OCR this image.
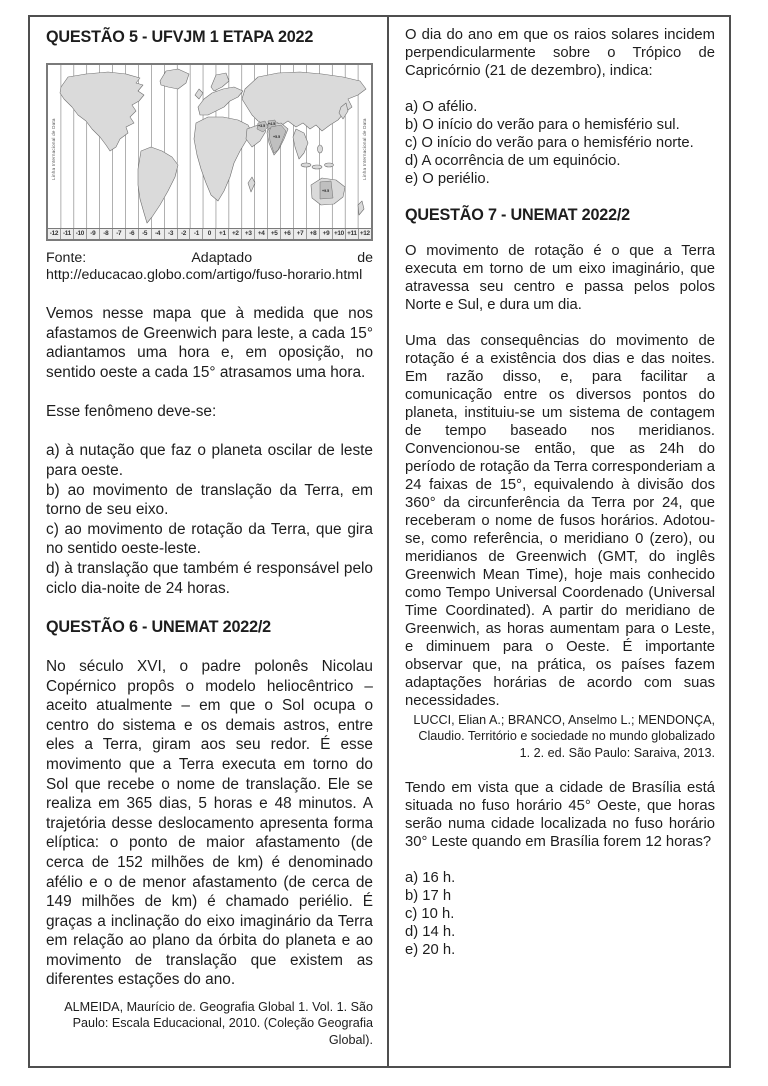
QUESTÃO 5 - UFVJM 1 ETAPA 2022
+3.5 +4.5
+5.5
+9.5
Linha Internacional de Data	Linha Internacional de Data
-12 -11 -10 -9	-8	-7	-6	-5	-4	-3	-2	-1	0	+1 +2 +3 +4 +5 +6 +7 +8 +9 +10 +11 +12
Fonte:	Adaptado	de
http://educacao.globo.com/artigo/fuso-horario.html

Vemos nesse mapa que à medida que nos afastamos de Greenwich para leste, a cada 15° adiantamos uma hora e, em oposição, no sentido oeste a cada 15° atrasamos uma hora.

Esse fenômeno deve-se:

a) à nutação que faz o planeta oscilar de leste para oeste.
b) ao movimento de translação da Terra, em torno de seu eixo.
c) ao movimento de rotação da Terra, que gira no sentido oeste-leste.
d) à translação que também é responsável pelo ciclo dia-noite de 24 horas.
QUESTÃO 6 - UNEMAT 2022/2

No século XVI, o padre polonês Nicolau Copérnico propôs o modelo heliocêntrico – aceito atualmente – em que o Sol ocupa o centro do sistema e os demais astros, entre eles a Terra, giram aos seu redor. É esse movimento que a Terra executa em torno do Sol que recebe o nome de translação. Ele se realiza em 365 dias, 5 horas e 48 minutos. A trajetória desse deslocamento apresenta forma elíptica: o ponto de maior afastamento (de cerca de 152 milhões de km) é denominado afélio e o de menor afastamento (de cerca de 149 milhões de km) é chamado periélio. É graças a inclinação do eixo imaginário da Terra em relação ao plano da órbita do planeta e ao movimento de translação que existem as diferentes estações do ano.

ALMEIDA, Maurício de. Geografia Global 1. Vol. 1. São Paulo: Escala Educacional, 2010. (Coleção Geografia Global).

O dia do ano em que os raios solares incidem perpendicularmente sobre o Trópico de Capricórnio (21 de dezembro), indica:

a) O afélio.
b) O início do verão para o hemisfério sul.
c) O início do verão para o hemisfério norte.
d) A ocorrência de um equinócio.
e) O periélio.
QUESTÃO 7 - UNEMAT 2022/2

O movimento de rotação é o que a Terra executa em torno de um eixo imaginário, que atravessa seu centro e passa pelos polos Norte e Sul, e dura um dia.

Uma das consequências do movimento de rotação é a existência dos dias e das noites. Em razão disso, e, para facilitar a comunicação entre os diversos pontos do planeta, instituiu-se um sistema de contagem de tempo baseado nos meridianos. Convencionou-se então, que as 24h do período de rotação da Terra corresponderiam a 24 faixas de 15°, equivalendo à divisão dos 360° da circunferência da Terra por 24, que receberam o nome de fusos horários. Adotou-se, como referência, o meridiano 0 (zero), ou meridianos de Greenwich (GMT, do inglês Greenwich Mean Time), hoje mais conhecido como Tempo Universal Coordenado (Universal Time Coordinated). A partir do meridiano de Greenwich, as horas aumentam para o Leste, e diminuem para o Oeste. É importante observar que, na prática, os países fazem adaptações horárias de acordo com suas necessidades.

LUCCI, Elian A.; BRANCO, Anselmo L.; MENDONÇA, Claudio. Território e sociedade no mundo globalizado 1. 2. ed. São Paulo: Saraiva, 2013.

Tendo em vista que a cidade de Brasília está situada no fuso horário 45° Oeste, que horas serão numa cidade localizada no fuso horário 30° Leste quando em Brasília forem 12 horas?

a) 16 h.
b) 17 h
c) 10 h.
d) 14 h.
e) 20 h.
